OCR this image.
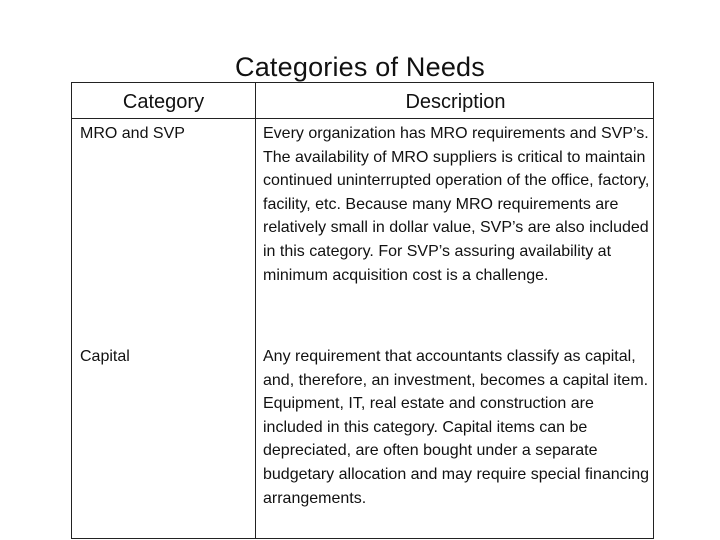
Categories of Needs
Category	Description
MRO and SVP	Every organization has MRO requirements and SVP’s. The availability of MRO suppliers is critical to maintain continued uninterrupted operation of the office, factory, facility, etc. Because many MRO requirements are relatively small in dollar value, SVP’s are also included in this category. For SVP’s assuring availability at minimum acquisition cost is a challenge.
Capital	Any requirement that accountants classify as capital, and, therefore, an investment, becomes a capital item. Equipment, IT, real estate and construction are included in this category. Capital items can be depreciated, are often bought under a separate budgetary allocation and may require special financing arrangements.
